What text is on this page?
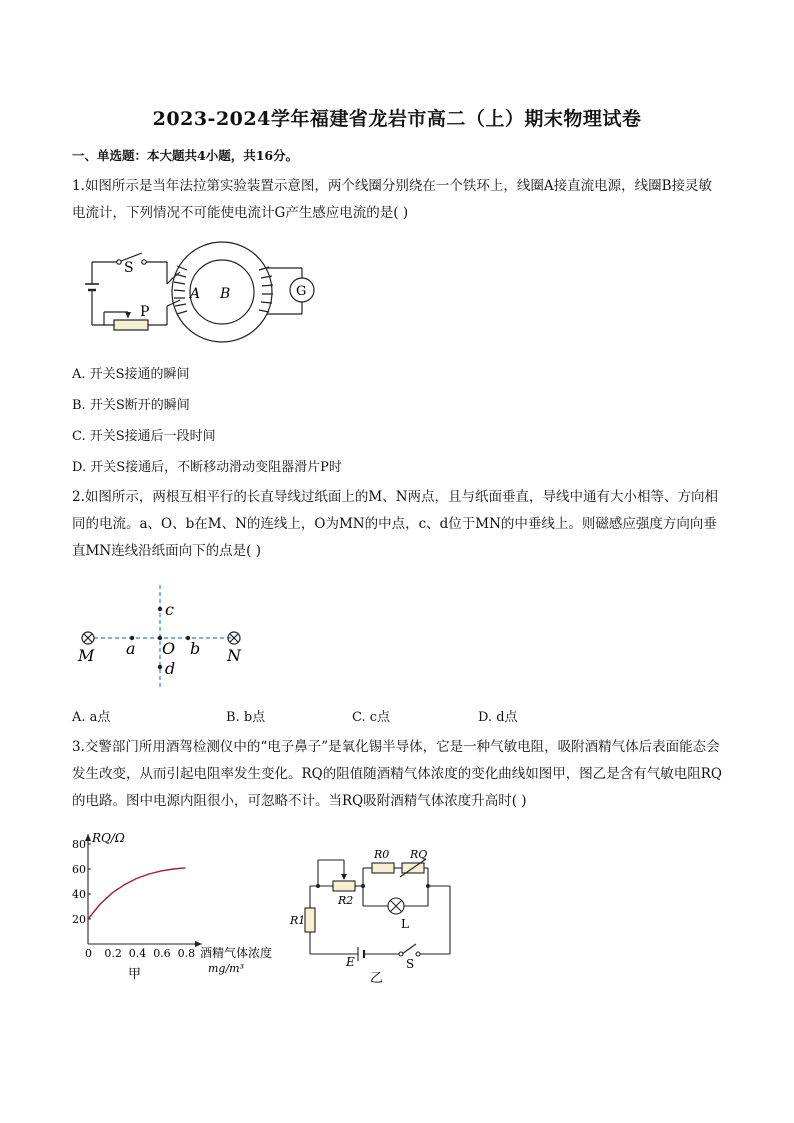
2023-2024学年福建省龙岩市高二（上）期末物理试卷
一、单选题：本大题共4小题，共16分。
1.如图所示是当年法拉第实验装置示意图，两个线圈分别绕在一个铁环上，线圈A接直流电源，线圈B接灵敏电流计，下列情况不可能使电流计G产生感应电流的是( )
S
P
A B	G
A. 开关S接通的瞬间
B. 开关S断开的瞬间
C. 开关S接通后一段时间
D. 开关S接通后，不断移动滑动变阻器滑片P时
2.如图所示，两根互相平行的长直导线过纸面上的M、N两点，且与纸面垂直，导线中通有大小相等、方向相同的电流。a、O、b在M、N的连线上，O为MN的中点，c、d位于MN的中垂线上。则磁感应强度方向向垂直MN连线沿纸面向下的点是( )
M a O b N
c
d
A. a点	B. b点	C. c点	D. d点
3.交警部门所用酒驾检测仪中的“电子鼻子”是氧化锡半导体，它是一种气敏电阻，吸附酒精气体后表面能态会发生改变，从而引起电阻率发生变化。RQ的阻值随酒精气体浓度的变化曲线如图甲，图乙是含有气敏电阻RQ的电路。图中电源内阻很小，可忽略不计。当RQ吸附酒精气体浓度升高时( )
0 0.2 0.4 0.6 0.8
20
40
60
80 RQ/Ω
酒精气体浓度
mg/m³
甲
R0 RQ
R2
R1	L
E	S
乙
